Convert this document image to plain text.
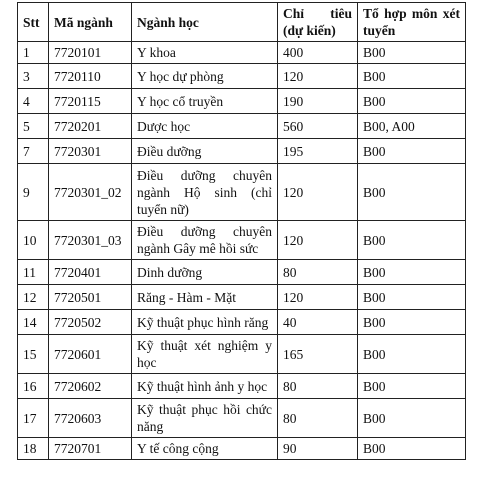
Stt	Mã ngành	Ngành học	Chỉ tiêu (dự kiến)	Tổ hợp môn xét tuyển
1	7720101	Y khoa	400	B00
3	7720110	Y học dự phòng	120	B00
4	7720115	Y học cổ truyền	190	B00
5	7720201	Dược học	560	B00, A00
7	7720301	Điều dưỡng	195	B00
9	7720301_02	Điều dưỡng chuyên ngành Hộ sinh (chỉ tuyển nữ)	120	B00
10	7720301_03	Điều dưỡng chuyên ngành Gây mê hồi sức	120	B00
11	7720401	Dinh dưỡng	80	B00
12	7720501	Răng - Hàm - Mặt	120	B00
14	7720502	Kỹ thuật phục hình răng	40	B00
15	7720601	Kỹ thuật xét nghiệm y học	165	B00
16	7720602	Kỹ thuật hình ảnh y học	80	B00
17	7720603	Kỹ thuật phục hồi chức năng	80	B00
18	7720701	Y tế công cộng	90	B00
